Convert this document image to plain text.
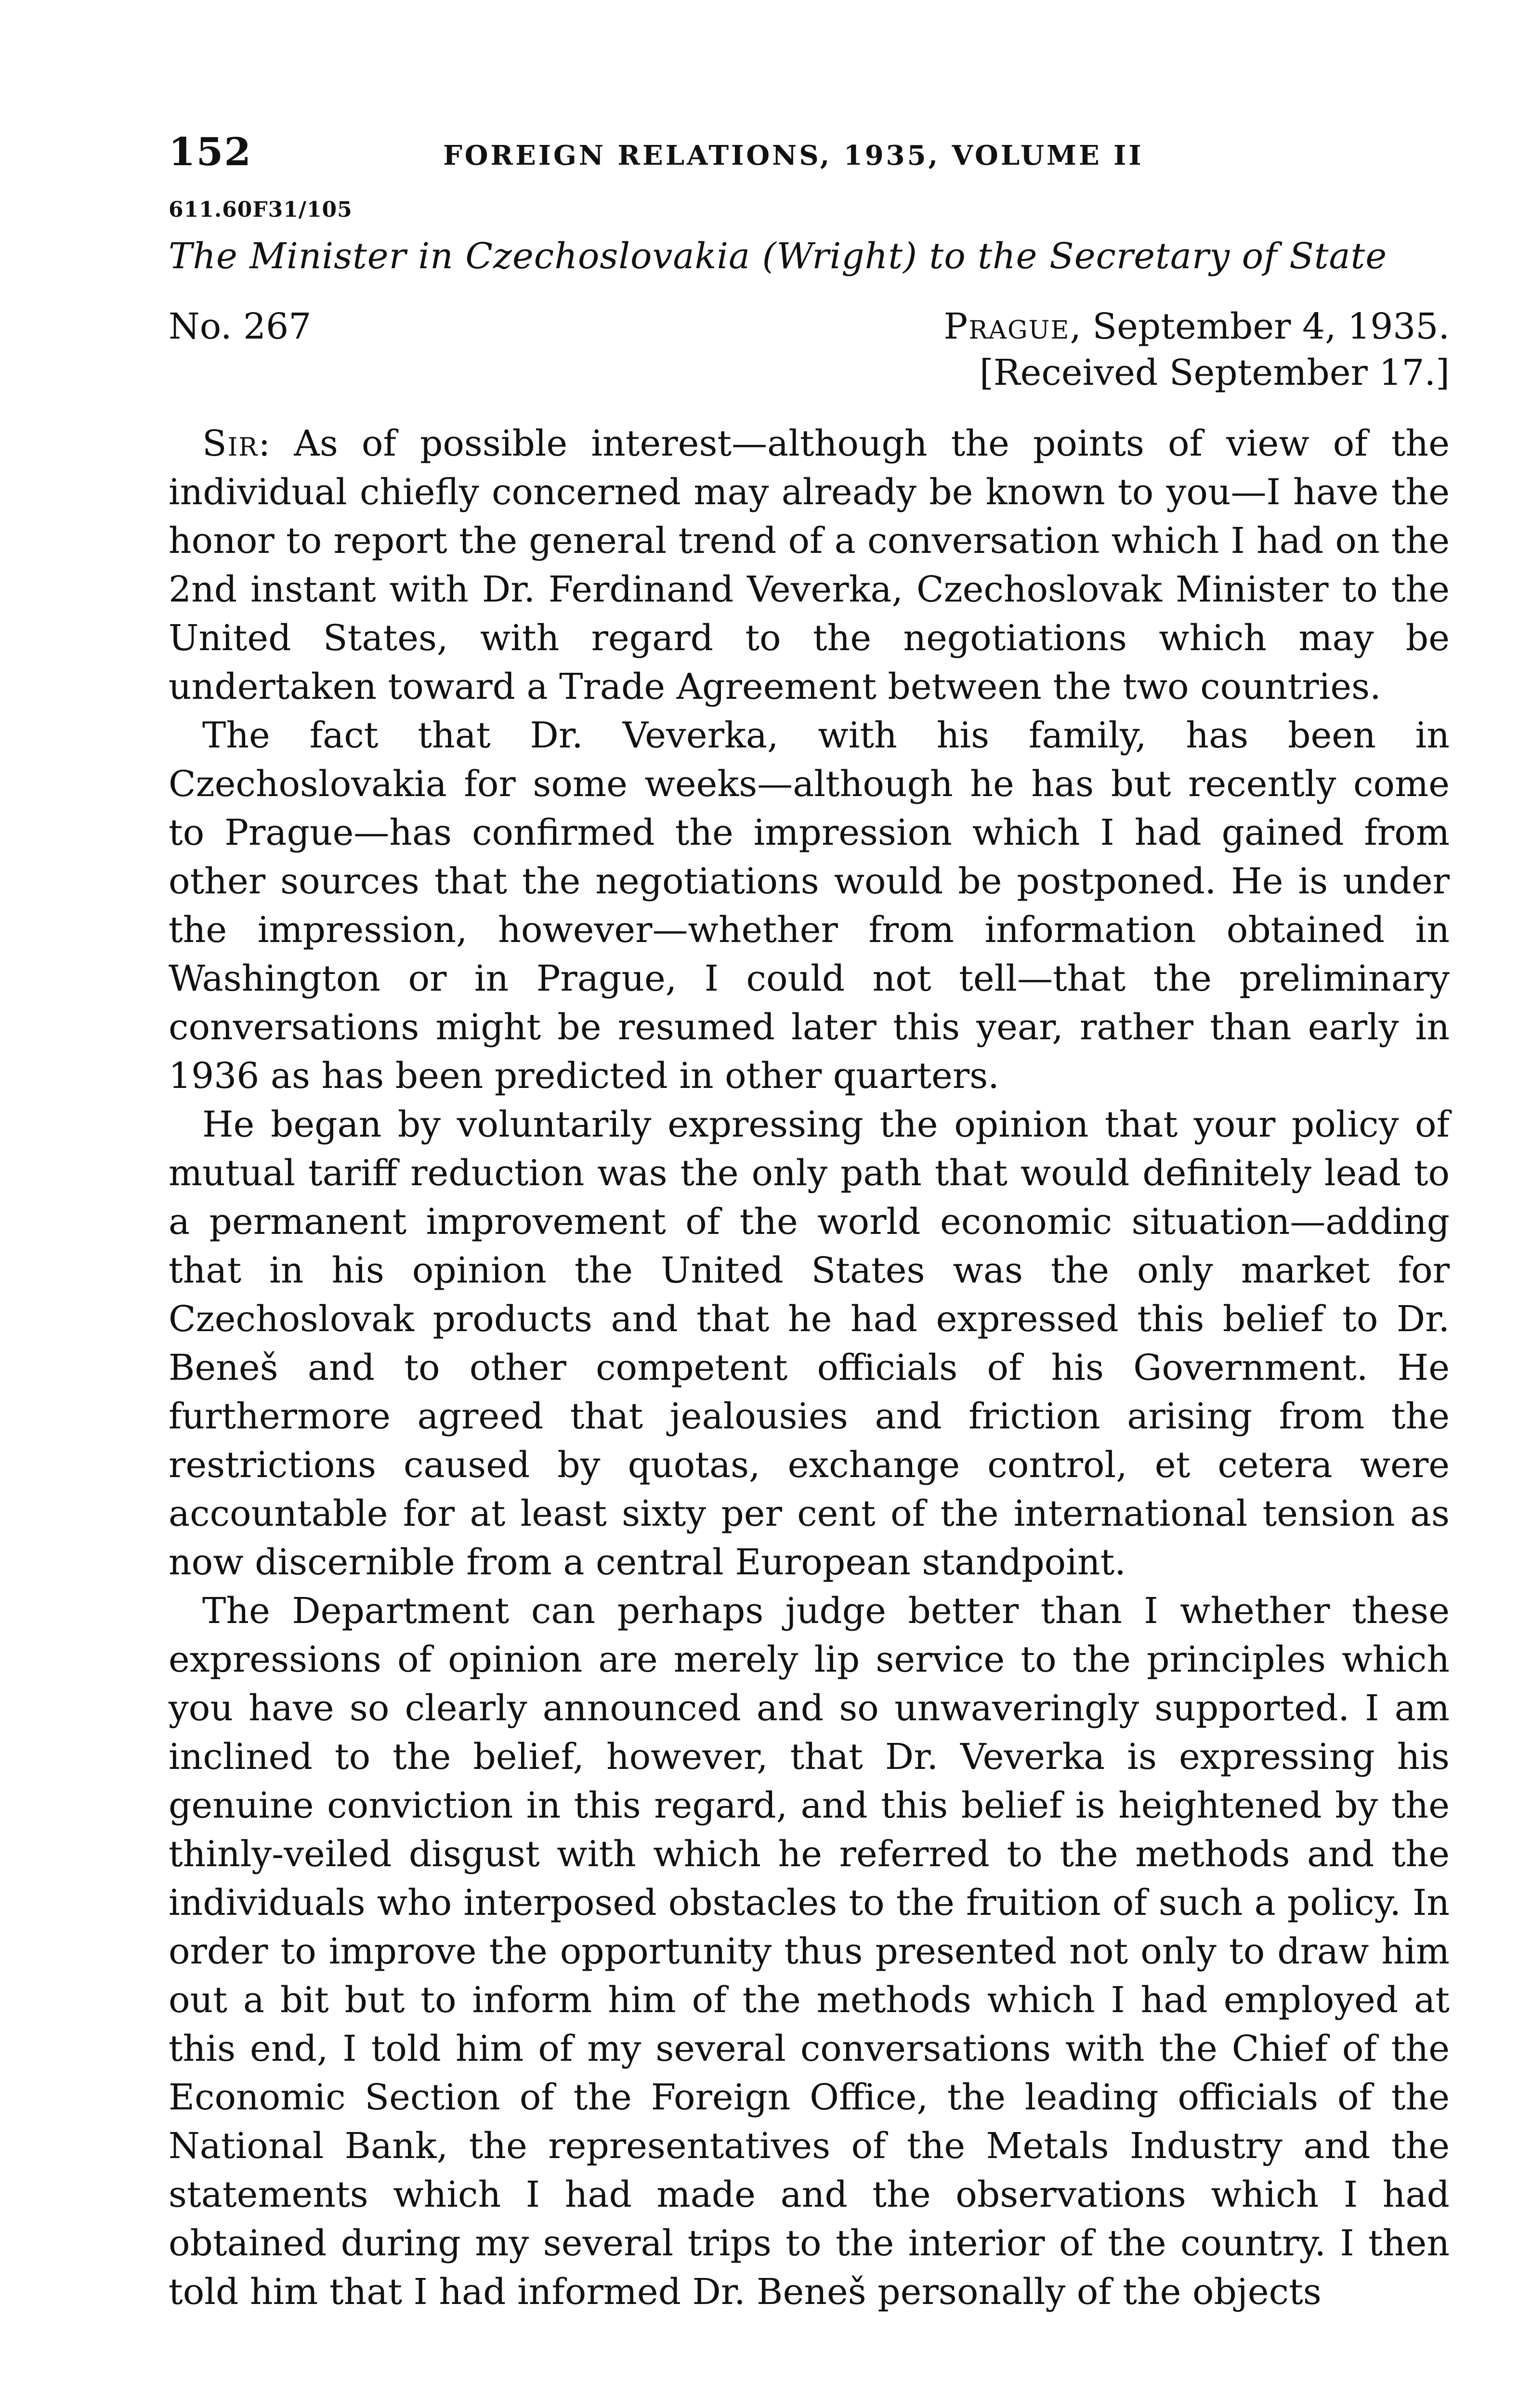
152	FOREIGN RELATIONS, 1935, VOLUME II
611.60F31/105
The Minister in Czechoslovakia (Wright) to the Secretary of State
No. 267	Prague, September 4, 1935.
[Received September 17.]

Sir: As of possible interest—although the points of view of the individual chiefly concerned may already be known to you—I have the honor to report the general trend of a conversation which I had on the 2nd instant with Dr. Ferdinand Veverka, Czechoslovak Minister to the United States, with regard to the negotiations which may be undertaken toward a Trade Agreement between the two countries.

The fact that Dr. Veverka, with his family, has been in Czechoslovakia for some weeks—although he has but recently come to Prague—has confirmed the impression which I had gained from other sources that the negotiations would be postponed. He is under the impression, however—whether from information obtained in Washington or in Prague, I could not tell—that the preliminary conversations might be resumed later this year, rather than early in 1936 as has been predicted in other quarters.

He began by voluntarily expressing the opinion that your policy of mutual tariff reduction was the only path that would definitely lead to a permanent improvement of the world economic situation—adding that in his opinion the United States was the only market for Czechoslovak products and that he had expressed this belief to Dr. Beneš and to other competent officials of his Government. He furthermore agreed that jealousies and friction arising from the restrictions caused by quotas, exchange control, et cetera were accountable for at least sixty per cent of the international tension as now discernible from a central European standpoint.

The Department can perhaps judge better than I whether these expressions of opinion are merely lip service to the principles which you have so clearly announced and so unwaveringly supported. I am inclined to the belief, however, that Dr. Veverka is expressing his genuine conviction in this regard, and this belief is heightened by the thinly-veiled disgust with which he referred to the methods and the individuals who interposed obstacles to the fruition of such a policy. In order to improve the opportunity thus presented not only to draw him out a bit but to inform him of the methods which I had employed at this end, I told him of my several conversations with the Chief of the Economic Section of the Foreign Office, the leading officials of the National Bank, the representatives of the Metals Industry and the statements which I had made and the observations which I had obtained during my several trips to the interior of the country. I then told him that I had informed Dr. Beneš personally of the objects
